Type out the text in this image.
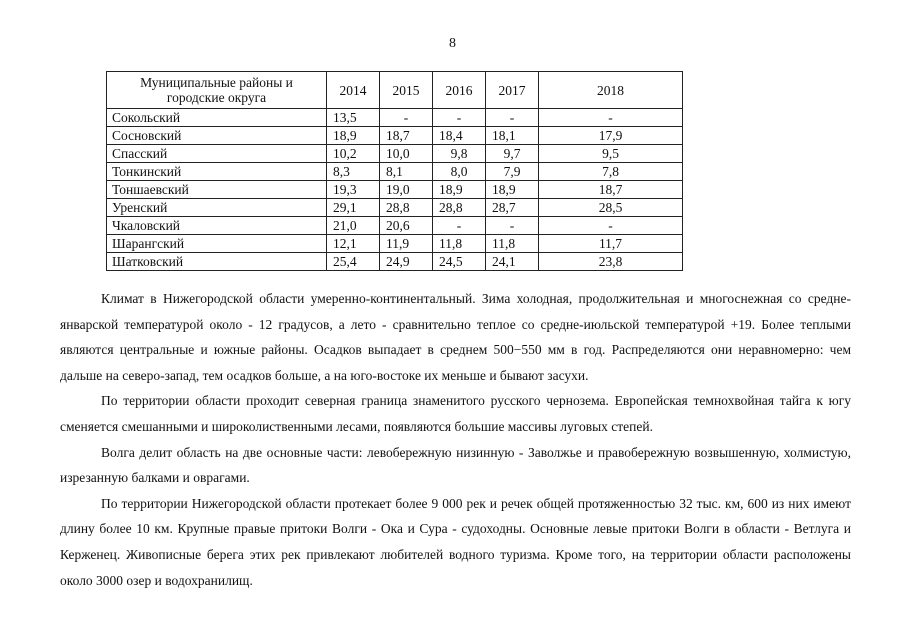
8
Муниципальные районы и городские округа	2014	2015	2016	2017	2018
Сокольский	13,5	-	-	-	-
Сосновский	18,9	18,7	18,4	18,1	17,9
Спасский	10,2	10,0	9,8	9,7	9,5
Тонкинский	8,3	8,1	8,0	7,9	7,8
Тоншаевский	19,3	19,0	18,9	18,9	18,7
Уренский	29,1	28,8	28,8	28,7	28,5
Чкаловский	21,0	20,6	-	-	-
Шарангский	12,1	11,9	11,8	11,8	11,7
Шатковский	25,4	24,9	24,5	24,1	23,8

Климат в Нижегородской области умеренно-континентальный. Зима холодная, продолжительная и многоснежная со средне-январской температурой около - 12 градусов, а лето - сравнительно теплое со средне-июльской температурой +19. Более теплыми являются центральные и южные районы. Осадков выпадает в среднем 500−550 мм в год. Распределяются они неравномерно: чем дальше на северо-запад, тем осадков больше, а на юго-востоке их меньше и бывают засухи.

По территории области проходит северная граница знаменитого русского чернозема. Европейская темнохвойная тайга к югу сменяется смешанными и широколиственными лесами, появляются большие массивы луговых степей.

Волга делит область на две основные части: левобережную низинную - Заволжье и правобережную возвышенную, холмистую, изрезанную балками и оврагами.

По территории Нижегородской области протекает более 9 000 рек и речек общей протяженностью 32 тыс. км, 600 из них имеют длину более 10 км. Крупные правые притоки Волги - Ока и Сура - судоходны. Основные левые притоки Волги в области - Ветлуга и Керженец. Живописные берега этих рек привлекают любителей водного туризма. Кроме того, на территории области расположены около 3000 озер и водохранилищ.
